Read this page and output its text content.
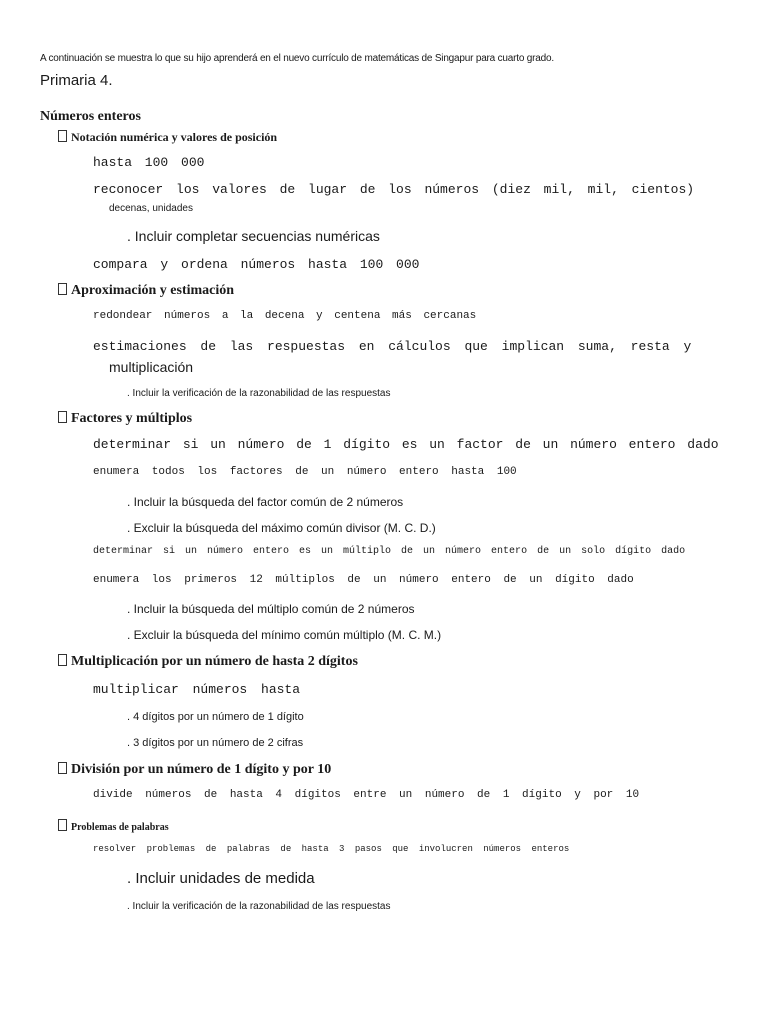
A continuación se muestra lo que su hijo aprenderá en el nuevo currículo de matemáticas de Singapur para cuarto grado.
Primaria 4.
Números enteros
Notación numérica y valores de posición
hasta 100 000
reconocer los valores de lugar de los números (diez mil, mil, cientos)
decenas, unidades
. Incluir completar secuencias numéricas
compara y ordena números hasta 100 000
Aproximación y estimación
redondear números a la decena y centena más cercanas
estimaciones de las respuestas en cálculos que implican suma, resta y
multiplicación
. Incluir la verificación de la razonabilidad de las respuestas
Factores y múltiplos
determinar si un número de 1 dígito es un factor de un número entero dado
enumera todos los factores de un número entero hasta 100
. Incluir la búsqueda del factor común de 2 números
. Excluir la búsqueda del máximo común divisor (M. C. D.)
determinar si un número entero es un múltiplo de un número entero de un solo dígito dado
enumera los primeros 12 múltiplos de un número entero de un dígito dado
. Incluir la búsqueda del múltiplo común de 2 números
. Excluir la búsqueda del mínimo común múltiplo (M. C. M.)
Multiplicación por un número de hasta 2 dígitos
multiplicar números hasta
. 4 dígitos por un número de 1 dígito
. 3 dígitos por un número de 2 cifras
División por un número de 1 dígito y por 10
divide números de hasta 4 dígitos entre un número de 1 dígito y por 10
Problemas de palabras
resolver problemas de palabras de hasta 3 pasos que involucren números enteros
. Incluir unidades de medida
. Incluir la verificación de la razonabilidad de las respuestas
